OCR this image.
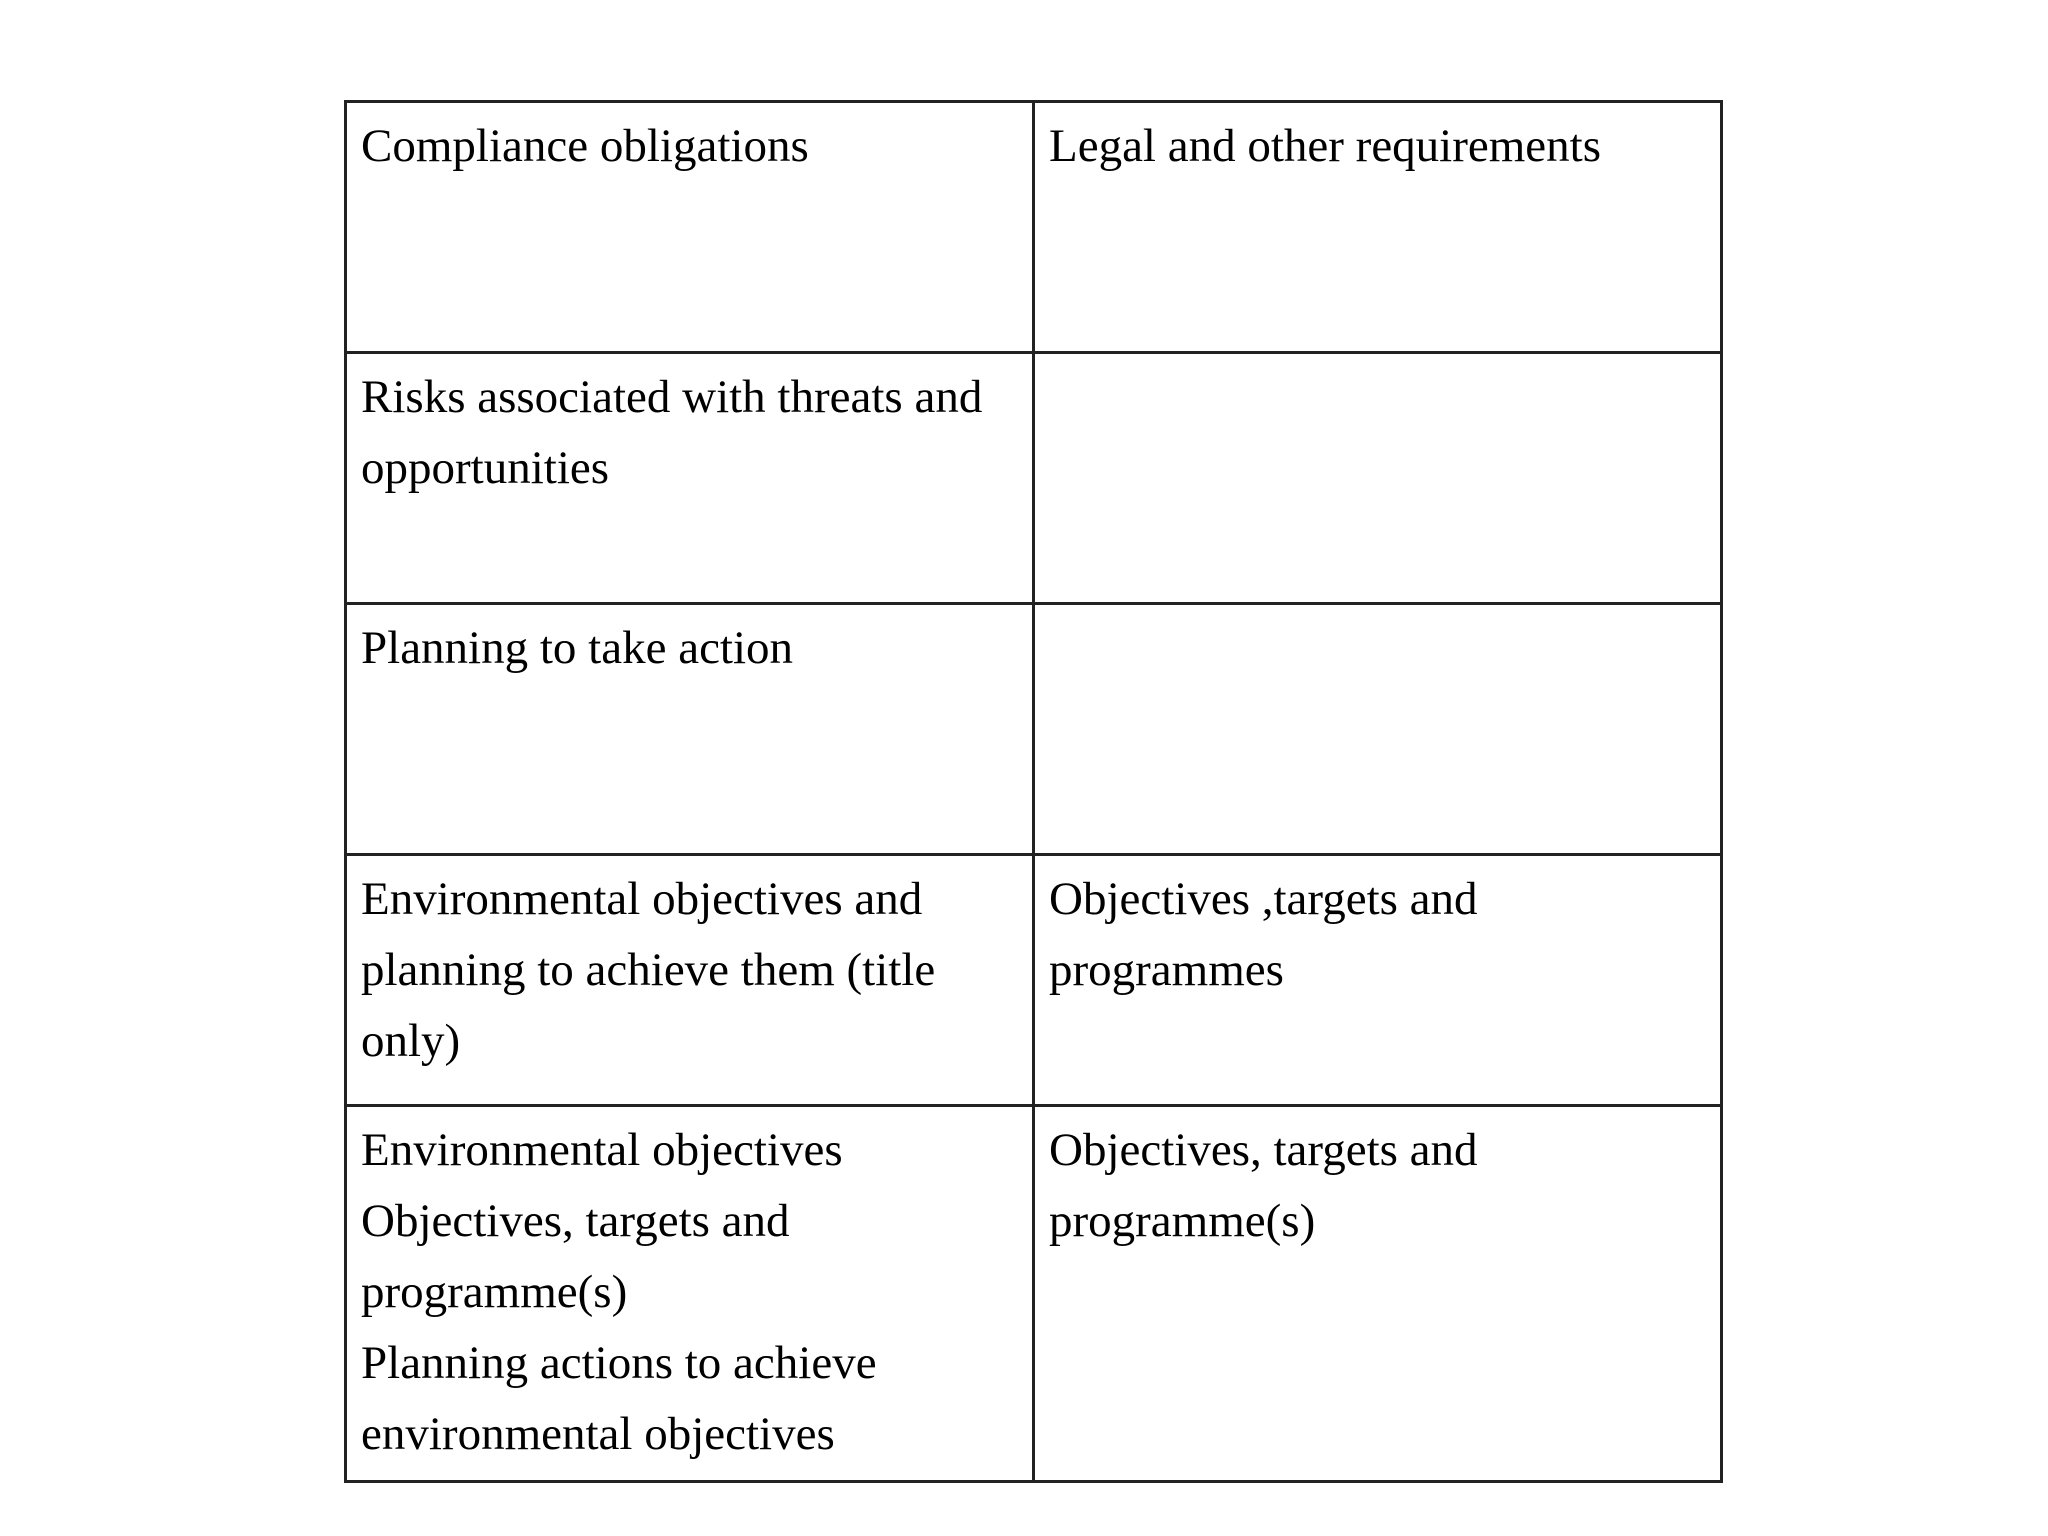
Compliance obligations	Legal and other requirements

Risks associated with threats and opportunities	

Planning to take action	

Environmental objectives and planning to achieve them (title only)	Objectives ,targets and programmes

Environmental objectives
Objectives, targets and programme(s)
Planning actions to achieve environmental objectives	Objectives, targets and programme(s)
